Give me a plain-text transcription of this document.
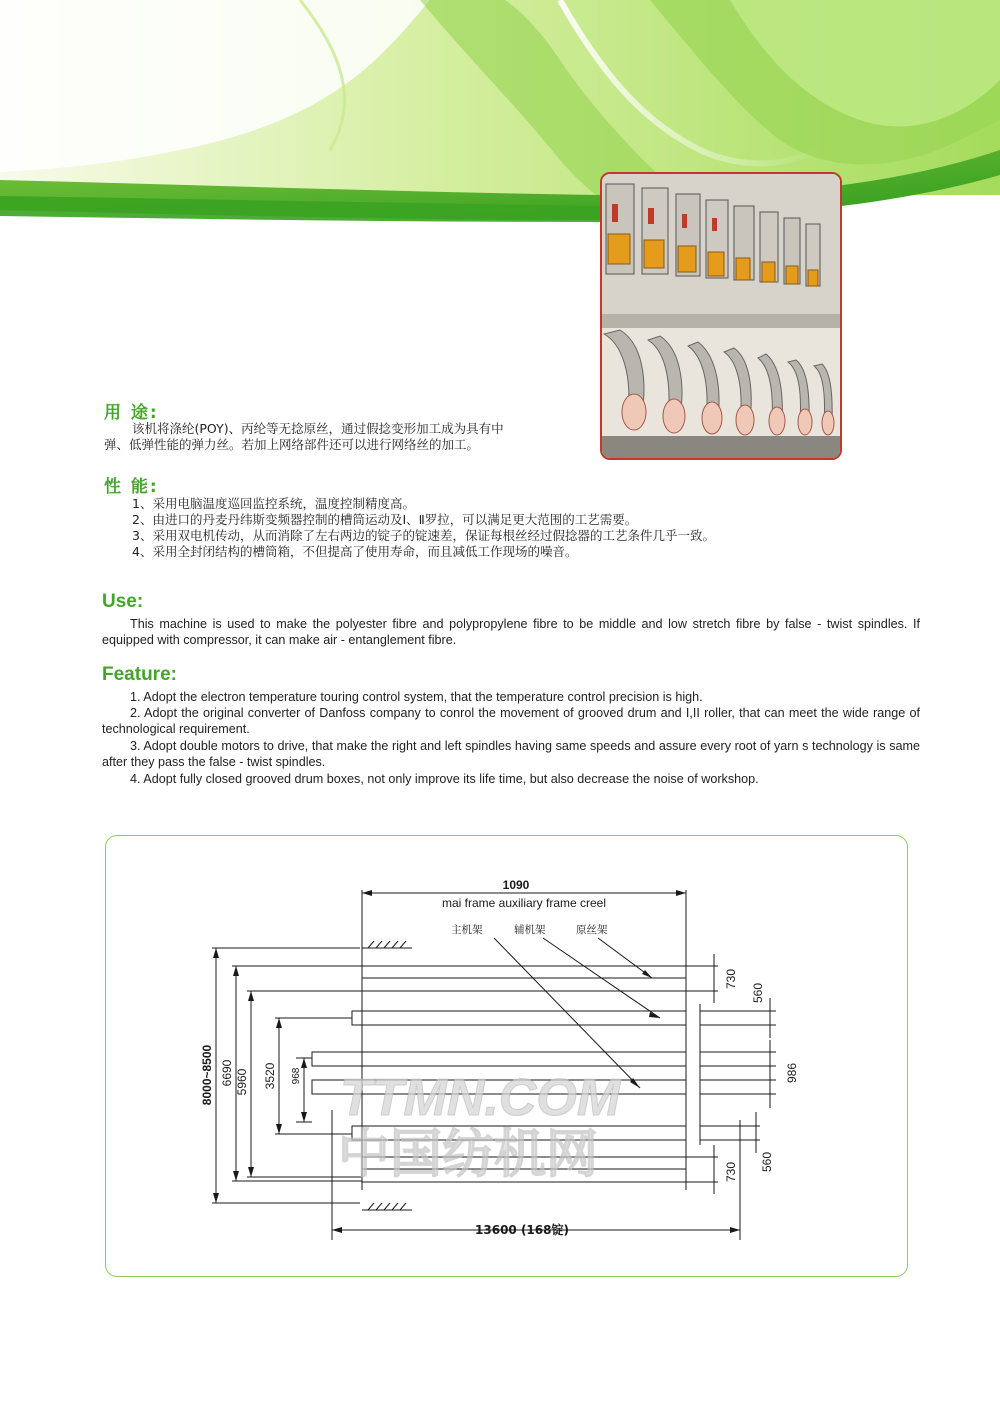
用 途:
该机将涤纶(POY)、丙纶等无捻原丝，通过假捻变形加工成为具有中
弹、低弹性能的弹力丝。若加上网络部件还可以进行网络丝的加工。
性 能:
1、采用电脑温度巡回监控系统，温度控制精度高。
2、由进口的丹麦丹纬斯变频器控制的槽筒运动及Ⅰ、Ⅱ罗拉，可以满足更大范围的工艺需要。
3、采用双电机传动，从而消除了左右两边的锭子的锭速差，保证每根丝经过假捻器的工艺条件几乎一致。
4、采用全封闭结构的槽筒箱，不但提高了使用寿命，而且减低工作现场的噪音。
Use:
This machine is used to make the polyester fibre and polypropylene fibre to be middle and low stretch fibre by false - twist spindles. If equipped with compressor, it can make air - entanglement fibre.
Feature:
1. Adopt the electron temperature touring control system, that the temperature control precision is high.
2. Adopt the original converter of Danfoss company to conrol the movement of grooved drum and I,II roller, that can meet the wide range of technological requirement.
3. Adopt double motors to drive, that make the right and left spindles having same speeds and assure every root of yarn s technology is same after they pass the false - twist spindles.
4. Adopt fully closed grooved drum boxes, not only improve its life time, but also decrease the noise of workshop.
1090
mai frame auxiliary frame creel
主机架	辅机架	原丝架
8000~8500 6690 5960 3520 968
730
560
986
560
730
13600 (168锭)
TTMN.COM
中国纺机网
